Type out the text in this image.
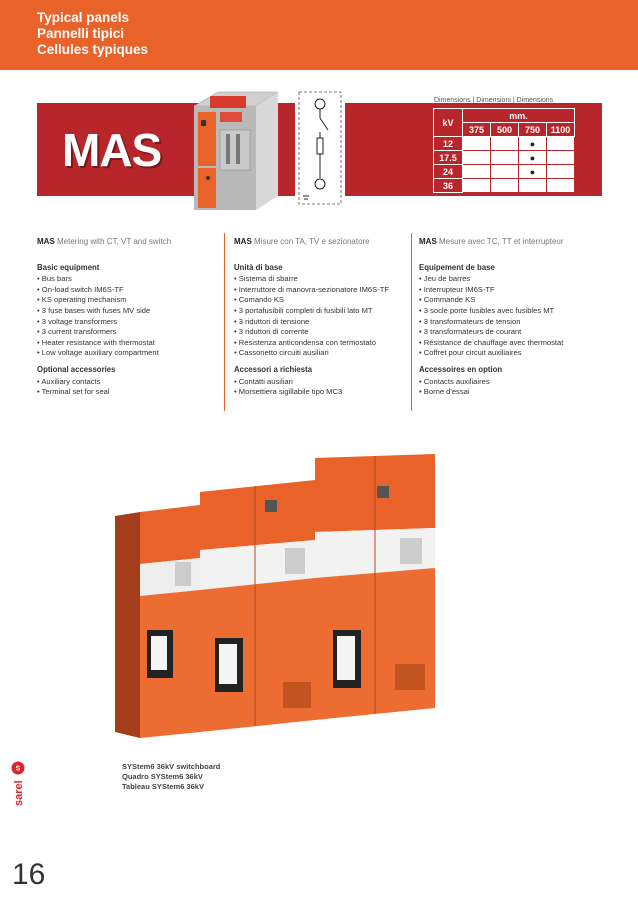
Typical panels
Pannelli tipici
Cellules typiques
MAS
Dimensions | Dimensioni | Dimensions
kV	mm.			
	375	500	750	1100
12			●	
17.5			●	
24			●	
36				
MAS Metering with CT, VT and switch
Basic equipment
• Bus bars
• On-load switch IM6S-TF
• KS operating mechanism
• 3 fuse bases with fuses MV side
• 3 voltage transformers
• 3 current transformers
• Heater resistance with thermostat
• Low voltage auxiliary compartment
Optional accessories
• Auxiliary contacts
• Terminal set for seal
MAS Misure con TA, TV e sezionatore
Unità di base
• Sistema di sbarre
• Interruttore di manovra-sezionatore IM6S-TF
• Comando KS
• 3 portafusibili completi di fusibili lato MT
• 3 riduttori di tensione
• 3 riduttori di corrente
• Resistenza anticondensa con termostato
• Cassonetto circuiti ausiliari
Accessori a richiesta
• Contatti ausiliari
• Morsettiera sigillabile tipo MC3
MAS Mesure avec TC, TT et interrupteur
Equipement de base
• Jeu de barres
• Interrupteur IM6S-TF
• Commande KS
• 3 socle porte fusibles avec fusibles MT
• 3 transformateurs de tension
• 3 transformateurs de courant
• Résistance de chauffage avec thermostat
• Coffret pour circuit auxiliaires
Accessoires en option
• Contacts auxiliaires
• Borne d'essai
SYStem6 36kV switchboard
Quadro SYStem6 36kV
Tableau SYStem6 36kV
S
sarel
16
